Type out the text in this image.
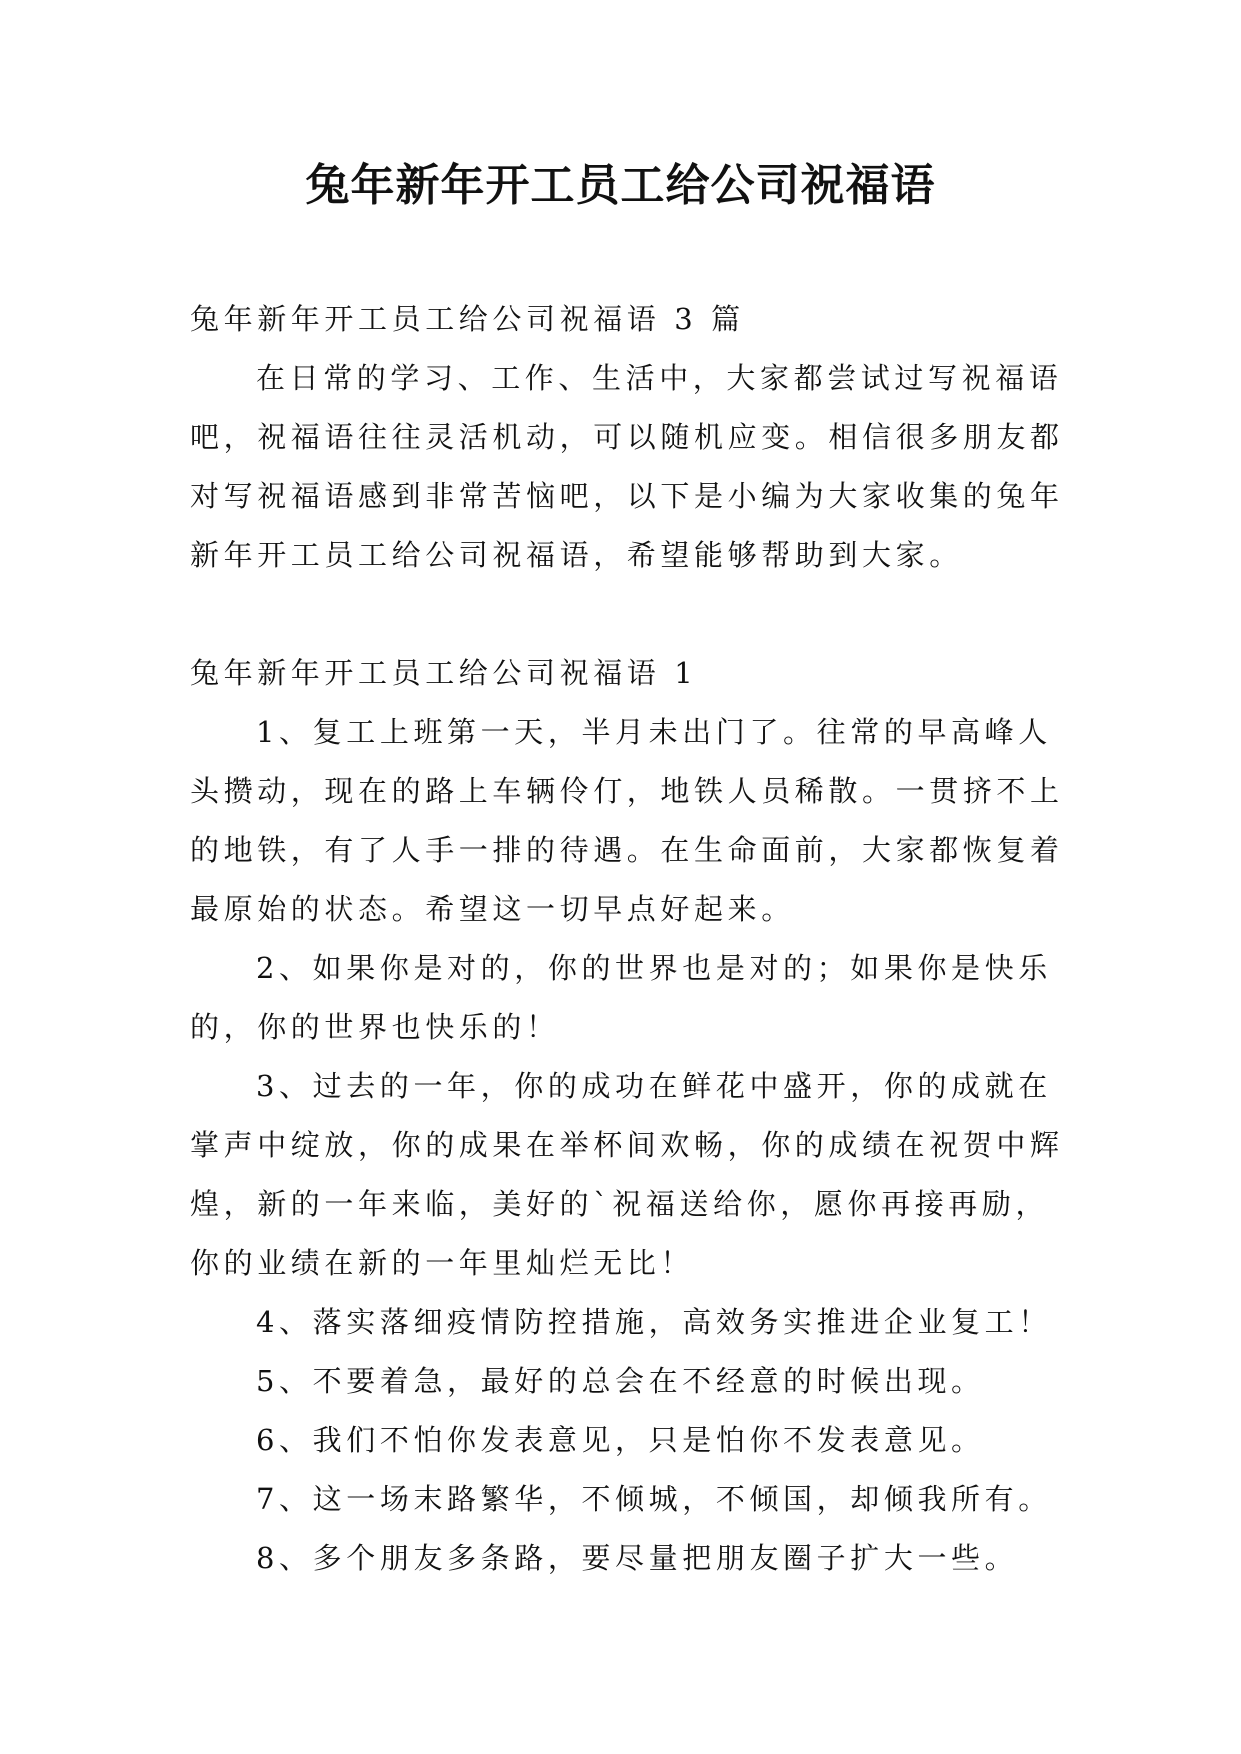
兔年新年开工员工给公司祝福语

兔年新年开工员工给公司祝福语 3 篇

在日常的学习、工作、生活中，大家都尝试过写祝福语

吧，祝福语往往灵活机动，可以随机应变。相信很多朋友都

对写祝福语感到非常苦恼吧，以下是小编为大家收集的兔年

新年开工员工给公司祝福语，希望能够帮助到大家。

兔年新年开工员工给公司祝福语 1

1、复工上班第一天，半月未出门了。往常的早高峰人

头攒动，现在的路上车辆伶仃，地铁人员稀散。一贯挤不上

的地铁，有了人手一排的待遇。在生命面前，大家都恢复着

最原始的状态。希望这一切早点好起来。

2、如果你是对的，你的世界也是对的；如果你是快乐

的，你的世界也快乐的！

3、过去的一年，你的成功在鲜花中盛开，你的成就在

掌声中绽放，你的成果在举杯间欢畅，你的成绩在祝贺中辉

煌，新的一年来临，美好的`祝福送给你，愿你再接再励，

你的业绩在新的一年里灿烂无比！

4、落实落细疫情防控措施，高效务实推进企业复工！

5、不要着急，最好的总会在不经意的时候出现。

6、我们不怕你发表意见，只是怕你不发表意见。

7、这一场末路繁华，不倾城，不倾国，却倾我所有。

8、多个朋友多条路，要尽量把朋友圈子扩大一些。
